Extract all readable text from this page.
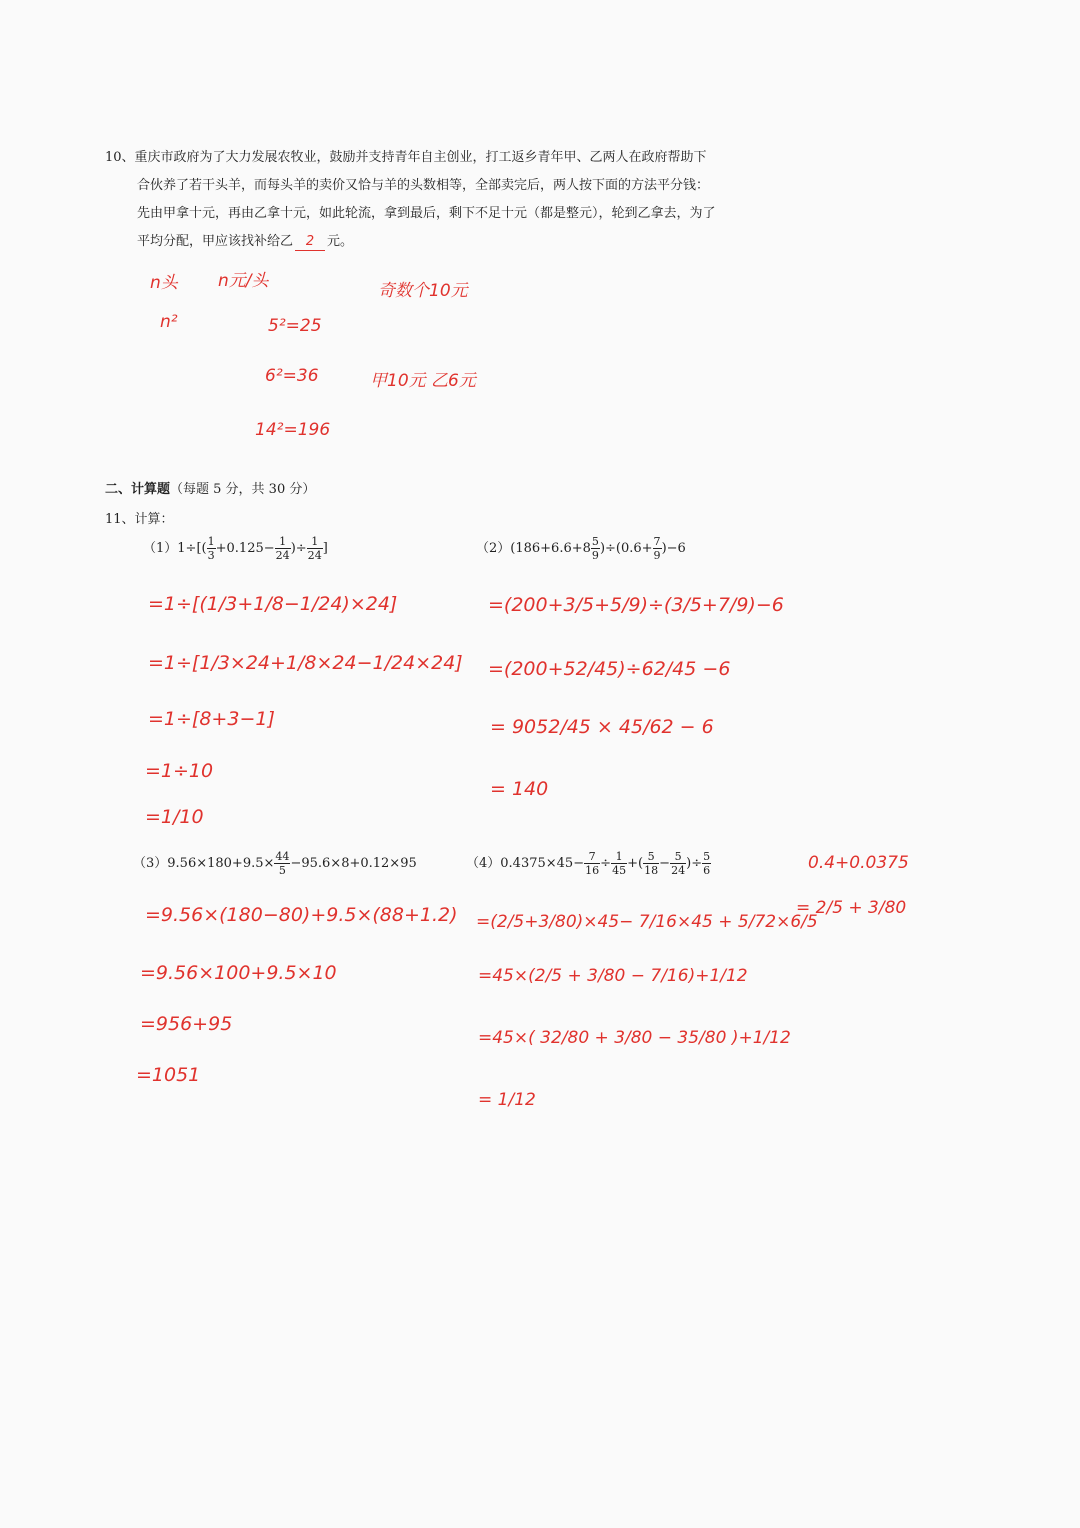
10、重庆市政府为了大力发展农牧业，鼓励并支持青年自主创业，打工返乡青年甲、乙两人在政府帮助下
合伙养了若干头羊，而每头羊的卖价又恰与羊的头数相等，全部卖完后，两人按下面的方法平分钱：
先由甲拿十元，再由乙拿十元，如此轮流，拿到最后，剩下不足十元（都是整元），轮到乙拿去，为了
平均分配，甲应该找补给乙 2 元。
n头 n元/头	奇数个10元
n²	5²=25
6²=36	甲10元 乙6元
14²=196
二、计算题（每题 5 分，共 30 分）
11、计算：
$(1)1\div[( \frac{1}{3} +0.125- \frac{1}{24}$ )÷ $\frac{1}{24}$ ]
=1÷[(1/3+1/8−1/24)×24]
=1÷[1/3×24+1/8×24−1/24×24]
=1÷[8+3−1]
=1÷10
=1/10
$(2)(186+6.6+8 \frac{5}{9} )\div(0.6+ \frac{7}{9} )-6$
=(200+3/5+5/9)÷(3/5+7/9)−6
=(200+52/45)÷62/45 −6
= 9052/45 × 45/62 − 6
= 140
$(3)9.56\times 180+9.5\times \frac{44}{5} -95.6\times 8+0.12\times 95$
=9.56×(180−80)+9.5×(88+1.2)
=9.56×100+9.5×10
=956+95
=1051
$(4)0.4375\times 45- \frac{7}{16} \div \frac{1}{45}$ +( $\frac{5}{18} - \frac{5}{24}$ )÷ $\frac{5}{6}$
=(2/5+3/80)×45− 7/16×45 + 5/72×6/5
=45×(2/5 + 3/80 − 7/16)+1/12
=45×( 32/80 + 3/80 − 35/80 )+1/12
= 1/12
0.4+0.0375
= 2/5 + 3/80
